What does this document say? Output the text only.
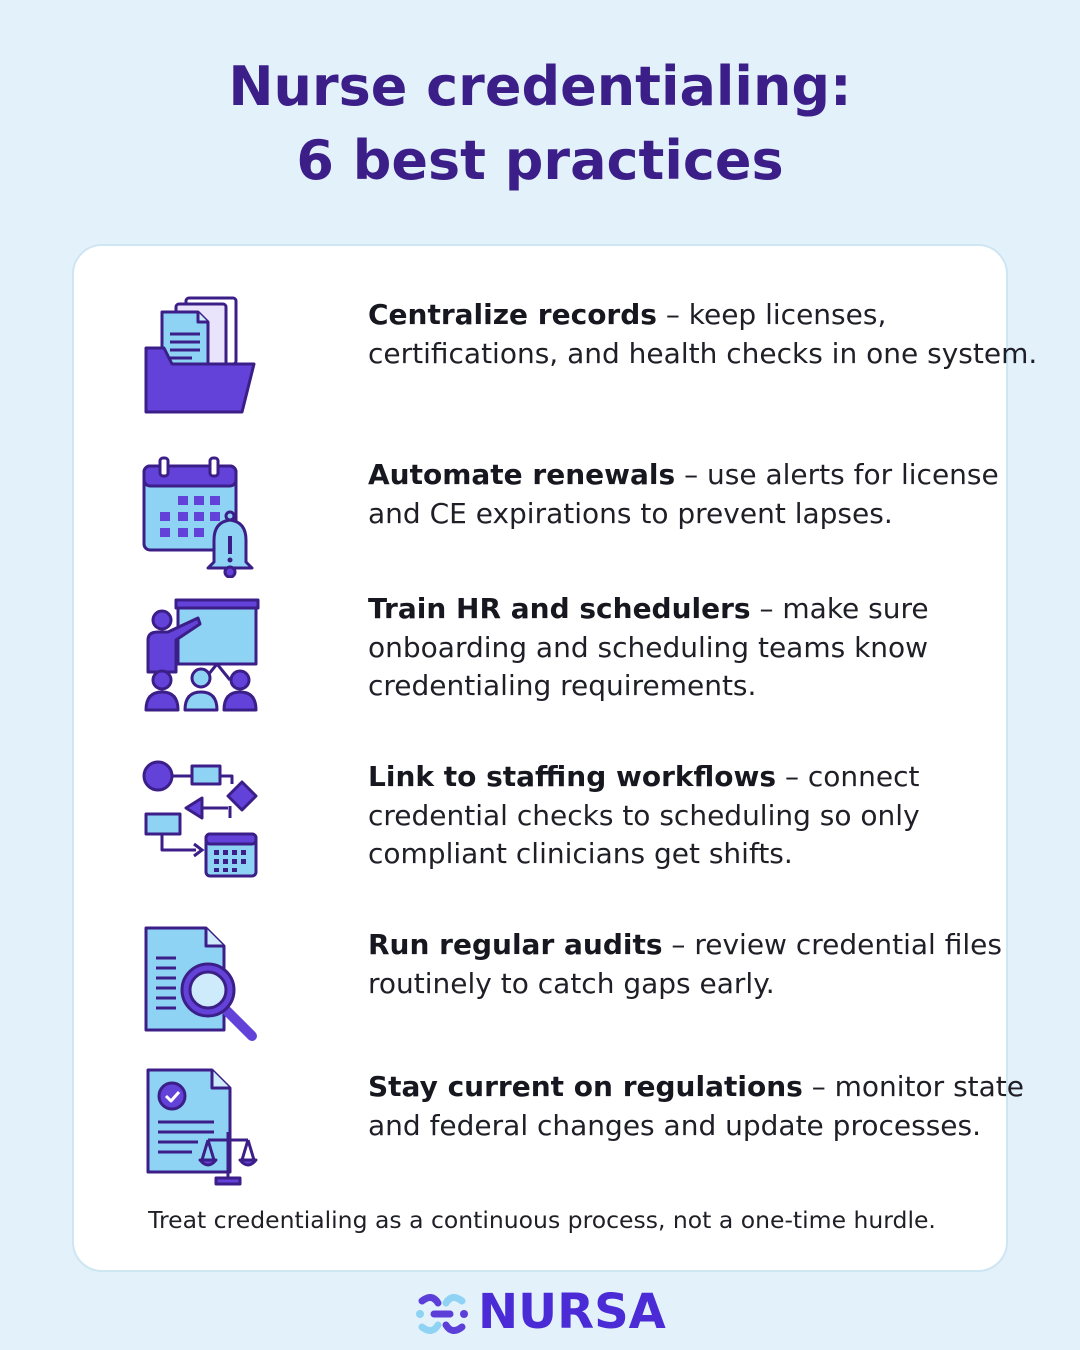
Nurse credentialing:
6 best practices

Centralize records – keep licenses, certifications, and health checks in one system.

Automate renewals – use alerts for license and CE expirations to prevent lapses.

Train HR and schedulers – make sure onboarding and scheduling teams know credentialing requirements.

Link to staffing workflows – connect credential checks to scheduling so only compliant clinicians get shifts.

Run regular audits – review credential files routinely to catch gaps early.

Stay current on regulations – monitor state and federal changes and update processes.

Treat credentialing as a continuous process, not a one-time hurdle.

NURSA
